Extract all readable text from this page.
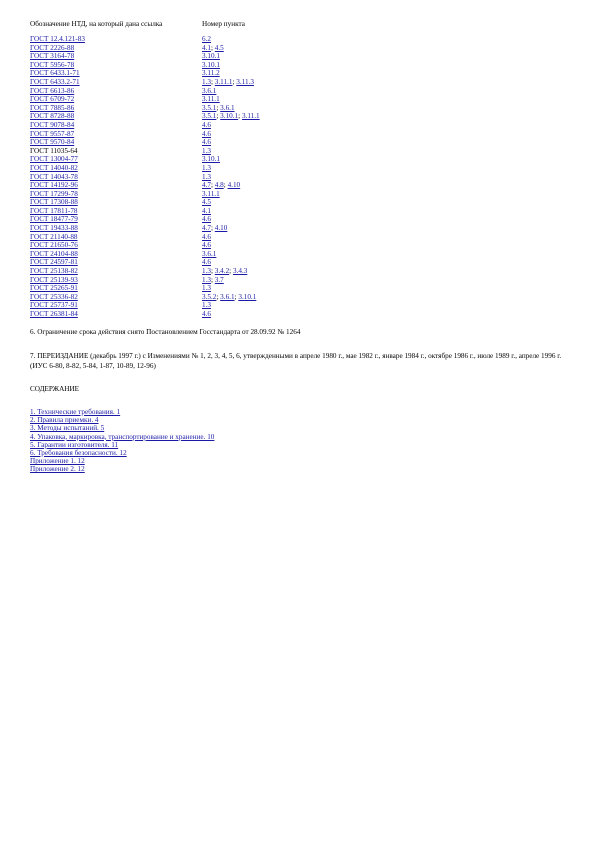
Обозначение НТД, на который дана ссылка	Номер пункта
ГОСТ 12.4.121-83	6.2
ГОСТ 2226-88	4.1; 4.5
ГОСТ 3164-78	3.10.1
ГОСТ 5956-78	3.10.1
ГОСТ 6433.1-71	3.11.2
ГОСТ 6433.2-71	1.3; 3.11.1; 3.11.3
ГОСТ 6613-86	3.6.1
ГОСТ 6709-72	3.11.1
ГОСТ 7885-86	3.5.1; 3.6.1
ГОСТ 8728-88	3.5.1; 3.10.1; 3.11.1
ГОСТ 9078-84	4.6
ГОСТ 9557-87	4.6
ГОСТ 9570-84	4.6
ГОСТ 11035-64	1.3
ГОСТ 13004-77	3.10.1
ГОСТ 14040-82	1.3
ГОСТ 14043-78	1.3
ГОСТ 14192-96	4.7; 4.8; 4.10
ГОСТ 17299-78	3.11.1
ГОСТ 17308-88	4.5
ГОСТ 17811-78	4.1
ГОСТ 18477-79	4.6
ГОСТ 19433-88	4.7; 4.10
ГОСТ 21140-88	4.6
ГОСТ 21650-76	4.6
ГОСТ 24104-88	3.6.1
ГОСТ 24597-81	4.6
ГОСТ 25138-82	1.3; 3.4.2; 3.4.3
ГОСТ 25139-93	1.3; 3.7
ГОСТ 25265-91	1.3
ГОСТ 25336-82	3.5.2; 3.6.1; 3.10.1
ГОСТ 25737-91	1.3
ГОСТ 26381-84	4.6

6. Ограничение срока действия снято Постановлением Госстандарта от 28.09.92 № 1264

7. ПЕРЕИЗДАНИЕ (декабрь 1997 г.) с Изменениями № 1, 2, 3, 4, 5, 6, утвержденными в апреле 1980 г., мае 1982 г., январе 1984 г., октябре 1986 г., июле 1989 г., апреле 1996 г. (ИУС 6-80, 8-82, 5-84, 1-87, 10-89, 12-96)

СОДЕРЖАНИЕ

1. Технические требования. 1
2. Правила приемки. 4
3. Методы испытаний. 5
4. Упаковка, маркировка, транспортирование и хранение. 10
5. Гарантии изготовителя. 11
6. Требования безопасности. 12
Приложение 1. 12
Приложение 2. 12
